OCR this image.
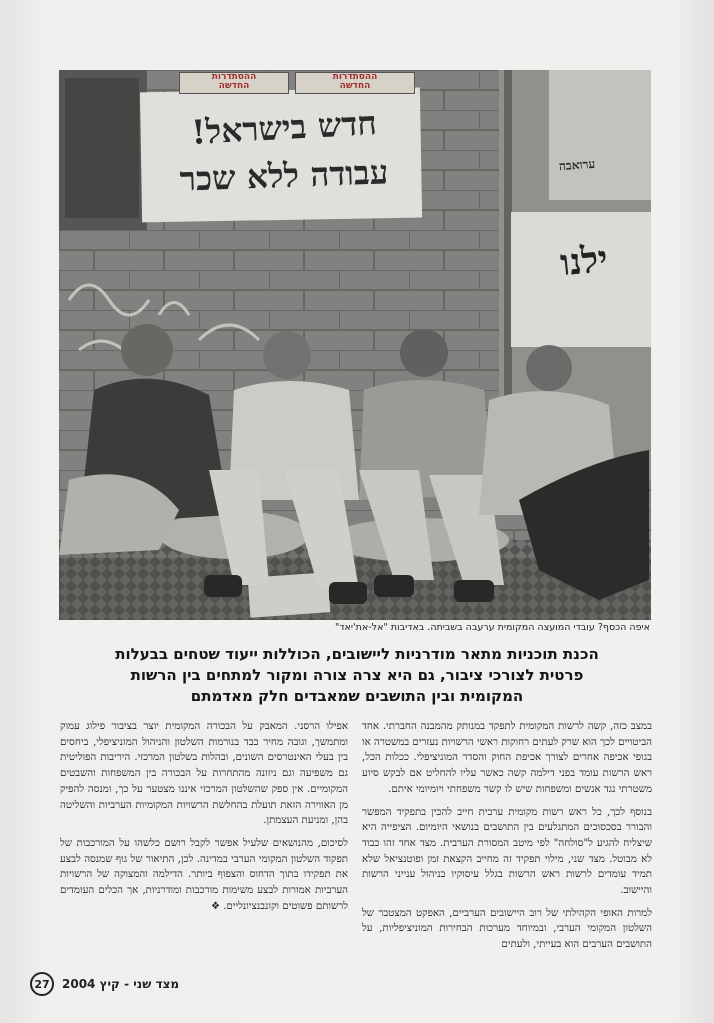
ההסתדרות
החדשה
ההסתדרות
החדשה
חדש בישראל!
עבודה ללא שכר
ילנו
ערואבה
איפה הכסף? עובדי המועצה המקומית ערעבה בשביתה. באדיבות "אל-את'יאד"
הכנת תוכניות מתאר מודרניות ליישובים, הכוללות ייעוד שטחים בבעלות
פרטית לצורכי ציבור, גם היא צרה צורה ומקור למתחים בין הרשות
המקומית ובין התושבים שמאבדים חלק מאדמתם

במצב כזה, קשה לרשות המקומית לתפקד במנותק מהמבנה החברתי. אחד הביטויים לכך הוא שרק לעתים רחוקות ראשי הרשויות נעזרים במשטרה או בגופי אכיפה אחרים לצורך אכיפת החוק והסדר המוניציפלי. ככלות הכל, ראש הרשות עומד בפני דילמה קשה כאשר עליו להחליט אם לבקש סיוע משטרתי נגד אנשים ומשפחות שיש לו קשר משפחתי ויומיומי איתם.

בנוסף לכך, כל ראש רשות מקומית ערבית חייב להכין בתפקיד המפשר והבורר בסכסוכים המתגלעים בין התושבים בנושאי היומיום. הציפייה היא שיצליח להגיע ל"סולחה" לפי מיטב המסורת הערבית. מצד אחד זהו כבוד לא מבוטל. מצד שני, מילוי תפקיד זה מחייב הקצאת זמן ופוטנציאל שלא תמיד עומדים לרשות ראש הרשות בגלל עיסוקיו בניהול ענייני הרשות והיישוב.

למרות האופי הקהילתי של רוב היישובים הערביים, האפקט המצטבר של השלטון המקומי הערבי, ובמיוחד מערכות הבחירות המוניציפליות, על התושבים הערבים הוא בעייתי, ולעתים

אפילו הרסני. המאבק על הבכורה המקומית יוצר בציבור פילוג עמוק ומתמשך, וגובה מחיר כבד בנורמות השלטון והניהול המוניציפלי, ביחסים בין בעלי האינטרסים השונים, ובהלות בשלטון המרכזי. היריבות הפוליטית גם משפיעה וגם ניזונה מהתחרות על הבכורה בין המשפחות והשבטים המקומיים. אין ספק שהשלטון המרכזי איננו מצטער על כך, ומנסה להפיק מן האווירה הזאת תועלת בהחלשת הרשויות המקומיות הערביות והשליטה בהן, ומניעת העצמתן.

לסיכום, מהנושאים שלעיל אפשר לקבל רושם כלשהו על המורכבות של תפקוד השלטון המקומי הערבי במדינה. לכן, התיאור של גוף שמנסה לבצע את תפקידו בתוך הדחוס והצפוף ביותר. הדילמה והמצוקה של הרשויות הערביות אמורות לבצע משימות מורכבות ומודרניות, אך הכלים העומדים לרשותם פשוטים וקונבנציונליים. ❖

27	מצד שני - קיץ 2004
